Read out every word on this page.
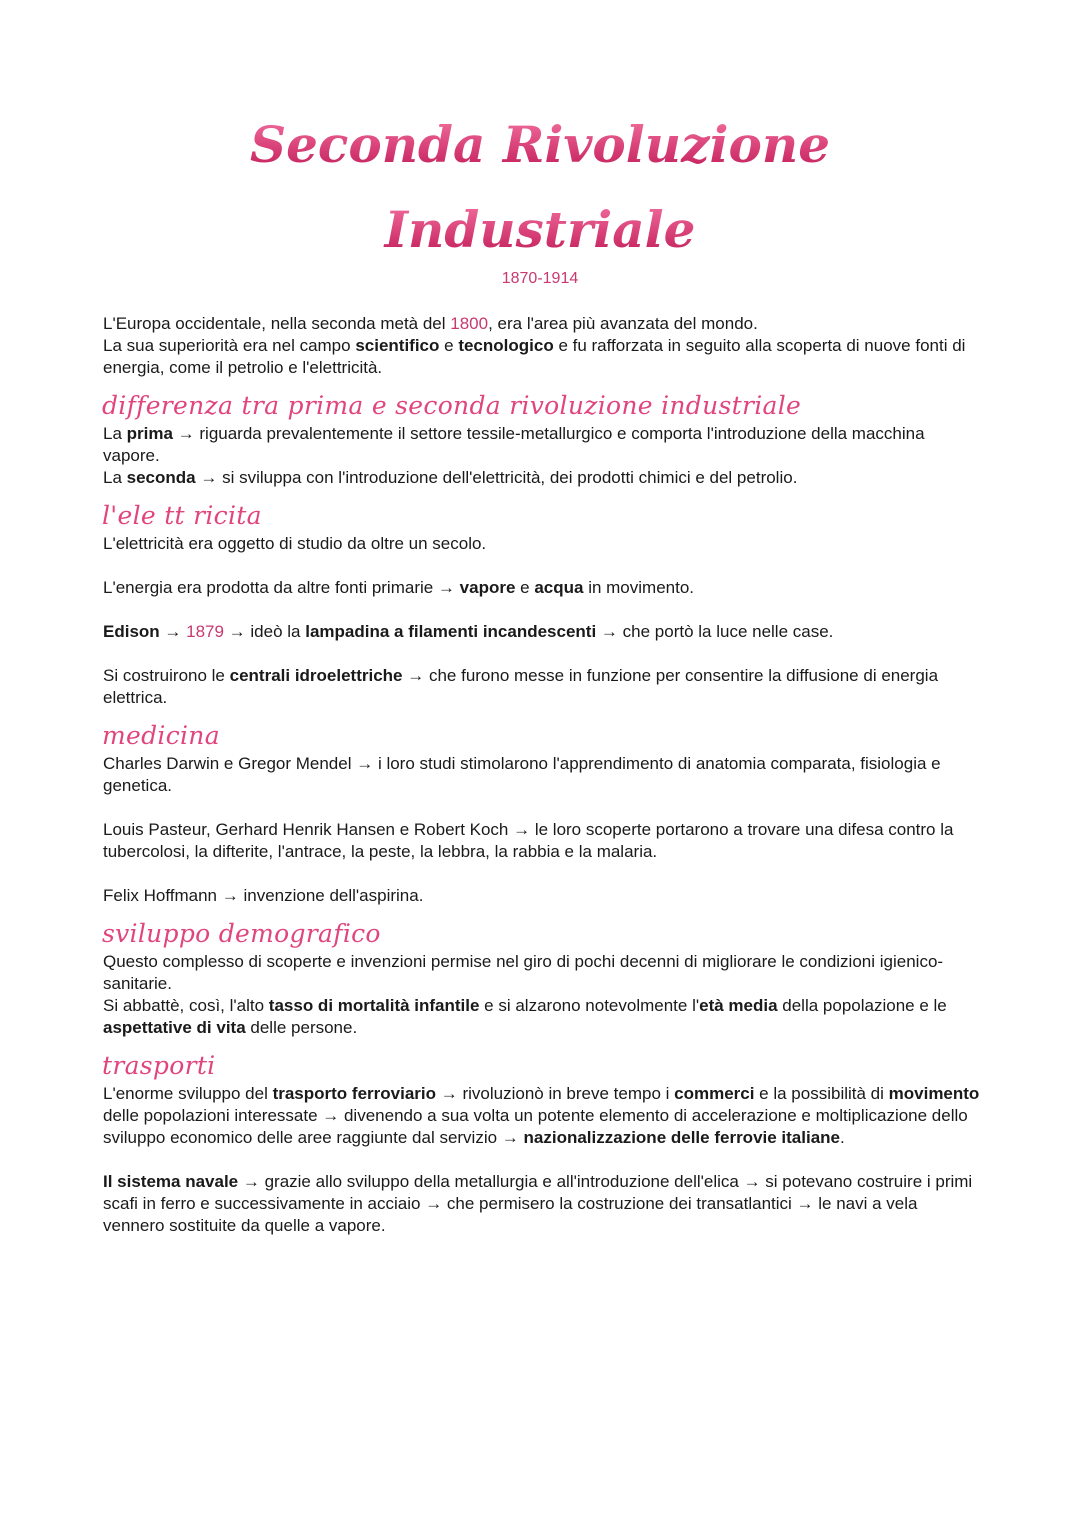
Seconda Rivoluzione
Industriale
1870-1914

L'Europa occidentale, nella seconda metà del 1800, era l'area più avanzata del mondo.

La sua superiorità era nel campo scientifico e tecnologico e fu rafforzata in seguito alla scoperta di nuove fonti di energia, come il petrolio e l'elettricità.

differenza tra prima e seconda rivoluzione industriale

La prima → riguarda prevalentemente il settore tessile-metallurgico e comporta l'introduzione della macchina vapore.

La seconda → si sviluppa con l'introduzione dell'elettricità, dei prodotti chimici e del petrolio.

l'ele tt ricita

L'elettricità era oggetto di studio da oltre un secolo.

L'energia era prodotta da altre fonti primarie → vapore e acqua in movimento.

Edison → 1879 → ideò la lampadina a filamenti incandescenti → che portò la luce nelle case.

Si costruirono le centrali idroelettriche → che furono messe in funzione per consentire la diffusione di energia elettrica.

medicina

Charles Darwin e Gregor Mendel → i loro studi stimolarono l'apprendimento di anatomia comparata, fisiologia e genetica.

Louis Pasteur, Gerhard Henrik Hansen e Robert Koch → le loro scoperte portarono a trovare una difesa contro la tubercolosi, la difterite, l'antrace, la peste, la lebbra, la rabbia e la malaria.

Felix Hoffmann → invenzione dell'aspirina.

sviluppo demografico

Questo complesso di scoperte e invenzioni permise nel giro di pochi decenni di migliorare le condizioni igienico-sanitarie.

Si abbattè, così, l'alto tasso di mortalità infantile e si alzarono notevolmente l'età media della popolazione e le aspettative di vita delle persone.

trasporti

L'enorme sviluppo del trasporto ferroviario → rivoluzionò in breve tempo i commerci e la possibilità di movimento delle popolazioni interessate → divenendo a sua volta un potente elemento di accelerazione e moltiplicazione dello sviluppo economico delle aree raggiunte dal servizio → nazionalizzazione delle ferrovie italiane.

Il sistema navale → grazie allo sviluppo della metallurgia e all'introduzione dell'elica → si potevano costruire i primi scafi in ferro e successivamente in acciaio → che permisero la costruzione dei transatlantici → le navi a vela vennero sostituite da quelle a vapore.
